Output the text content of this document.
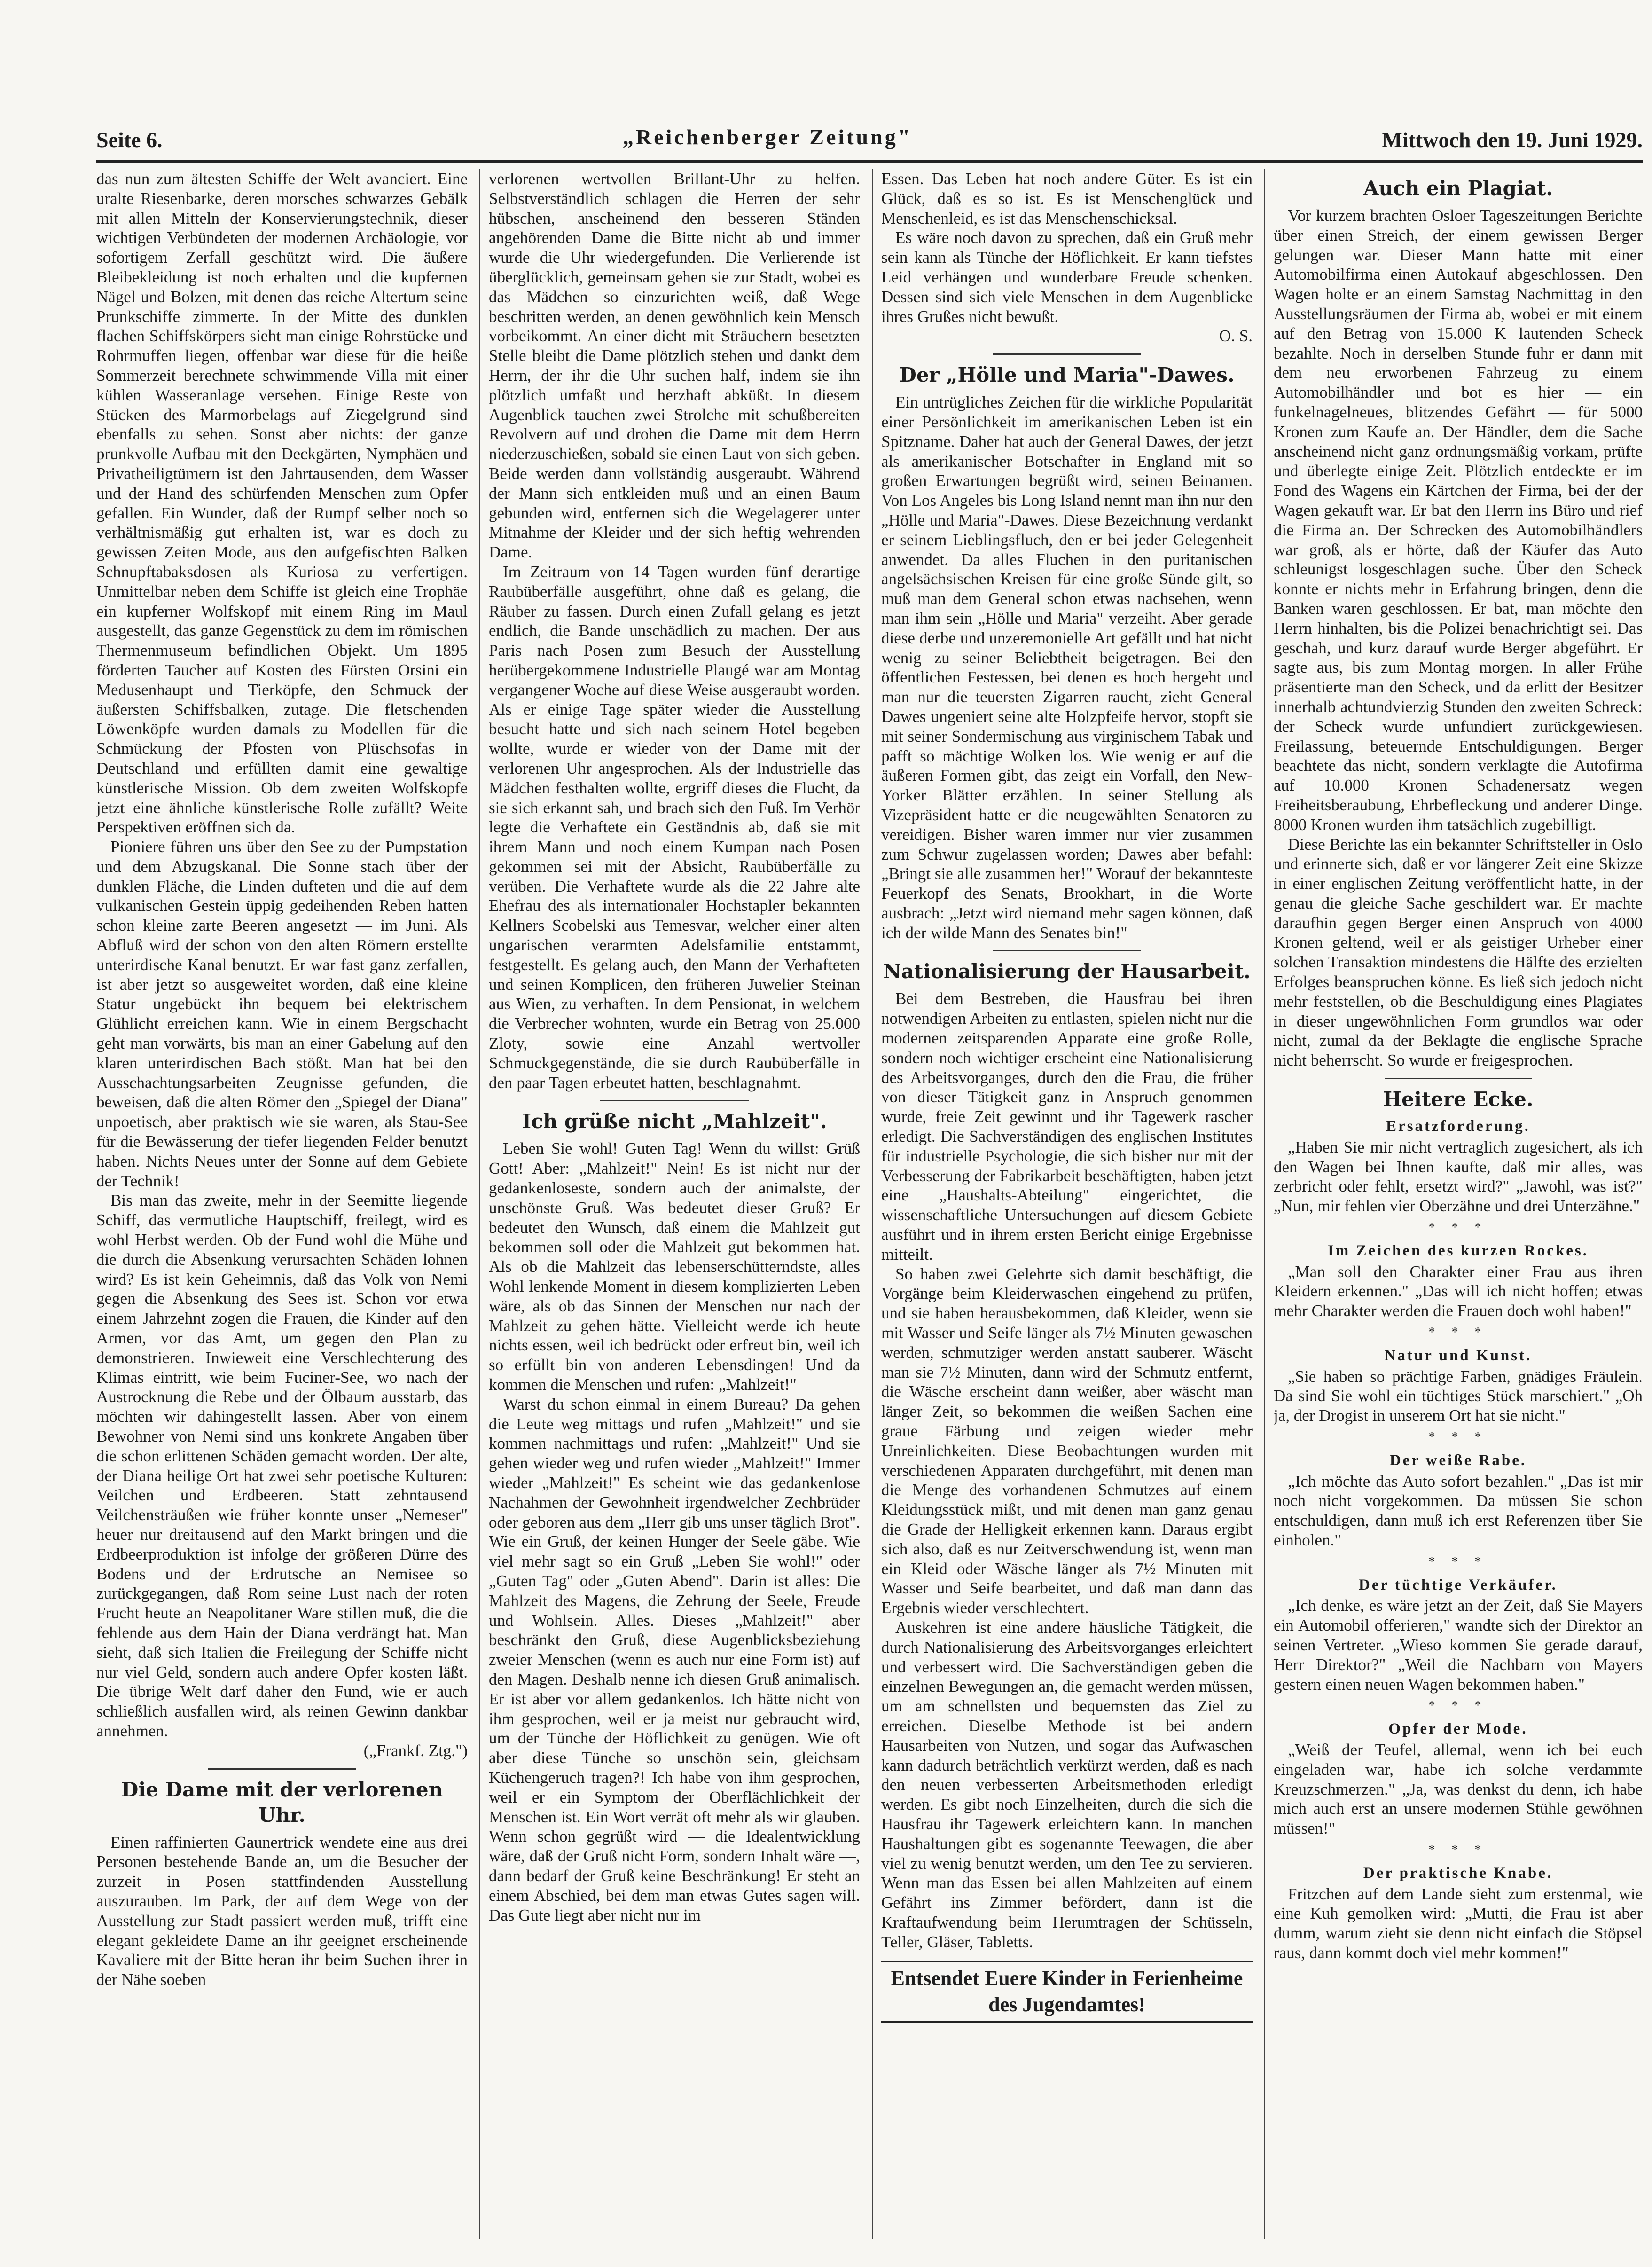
Seite 6.	„Reichenberger Zeitung"	Mittwoch den 19. Juni 1929.

das nun zum ältesten Schiffe der Welt avanciert. Eine uralte Riesenbarke, deren morsches schwarzes Gebälk mit allen Mitteln der Konservierungstechnik, dieser wichtigen Verbündeten der modernen Archäologie, vor sofortigem Zerfall geschützt wird. Die äußere Bleibekleidung ist noch erhalten und die kupfernen Nägel und Bolzen, mit denen das reiche Altertum seine Prunkschiffe zimmerte. In der Mitte des dunklen flachen Schiffskörpers sieht man einige Rohrstücke und Rohrmuffen liegen, offenbar war diese für die heiße Sommerzeit berechnete schwimmende Villa mit einer kühlen Wasseranlage versehen. Einige Reste von Stücken des Marmorbelags auf Ziegelgrund sind ebenfalls zu sehen. Sonst aber nichts: der ganze prunkvolle Aufbau mit den Deckgärten, Nymphäen und Privatheiligtümern ist den Jahrtausenden, dem Wasser und der Hand des schürfenden Menschen zum Opfer gefallen. Ein Wunder, daß der Rumpf selber noch so verhältnismäßig gut erhalten ist, war es doch zu gewissen Zeiten Mode, aus den aufgefischten Balken Schnupftabaksdosen als Kuriosa zu verfertigen. Unmittelbar neben dem Schiffe ist gleich eine Trophäe ein kupferner Wolfskopf mit einem Ring im Maul ausgestellt, das ganze Gegenstück zu dem im römischen Thermenmuseum befindlichen Objekt. Um 1895 förderten Taucher auf Kosten des Fürsten Orsini ein Medusenhaupt und Tierköpfe, den Schmuck der äußersten Schiffsbalken, zutage. Die fletschenden Löwenköpfe wurden damals zu Modellen für die Schmückung der Pfosten von Plüschsofas in Deutschland und erfüllten damit eine gewaltige künstlerische Mission. Ob dem zweiten Wolfskopfe jetzt eine ähnliche künstlerische Rolle zufällt? Weite Perspektiven eröffnen sich da.

Pioniere führen uns über den See zu der Pumpstation und dem Abzugskanal. Die Sonne stach über der dunklen Fläche, die Linden dufteten und die auf dem vulkanischen Gestein üppig gedeihenden Reben hatten schon kleine zarte Beeren angesetzt — im Juni. Als Abfluß wird der schon von den alten Römern erstellte unterirdische Kanal benutzt. Er war fast ganz zerfallen, ist aber jetzt so ausgeweitet worden, daß eine kleine Statur ungebückt ihn bequem bei elektrischem Glühlicht erreichen kann. Wie in einem Bergschacht geht man vorwärts, bis man an einer Gabelung auf den klaren unterirdischen Bach stößt. Man hat bei den Ausschachtungsarbeiten Zeugnisse gefunden, die beweisen, daß die alten Römer den „Spiegel der Diana" unpoetisch, aber praktisch wie sie waren, als Stau-See für die Bewässerung der tiefer liegenden Felder benutzt haben. Nichts Neues unter der Sonne auf dem Gebiete der Technik!

Bis man das zweite, mehr in der Seemitte liegende Schiff, das vermutliche Hauptschiff, freilegt, wird es wohl Herbst werden. Ob der Fund wohl die Mühe und die durch die Absenkung verursachten Schäden lohnen wird? Es ist kein Geheimnis, daß das Volk von Nemi gegen die Absenkung des Sees ist. Schon vor etwa einem Jahrzehnt zogen die Frauen, die Kinder auf den Armen, vor das Amt, um gegen den Plan zu demonstrieren. Inwieweit eine Verschlechterung des Klimas eintritt, wie beim Fuciner-See, wo nach der Austrocknung die Rebe und der Ölbaum ausstarb, das möchten wir dahingestellt lassen. Aber von einem Bewohner von Nemi sind uns konkrete Angaben über die schon erlittenen Schäden gemacht worden. Der alte, der Diana heilige Ort hat zwei sehr poetische Kulturen: Veilchen und Erdbeeren. Statt zehntausend Veilchensträußen wie früher konnte unser „Nemeser" heuer nur dreitausend auf den Markt bringen und die Erdbeerproduktion ist infolge der größeren Dürre des Bodens und der Erdrutsche an Nemisee so zurückgegangen, daß Rom seine Lust nach der roten Frucht heute an Neapolitaner Ware stillen muß, die die fehlende aus dem Hain der Diana verdrängt hat. Man sieht, daß sich Italien die Freilegung der Schiffe nicht nur viel Geld, sondern auch andere Opfer kosten läßt. Die übrige Welt darf daher den Fund, wie er auch schließlich ausfallen wird, als reinen Gewinn dankbar annehmen.

(„Frankf. Ztg.")

Die Dame mit der verlorenen Uhr.

Einen raffinierten Gaunertrick wendete eine aus drei Personen bestehende Bande an, um die Besucher der zurzeit in Posen stattfindenden Ausstellung auszurauben. Im Park, der auf dem Wege von der Ausstellung zur Stadt passiert werden muß, trifft eine elegant gekleidete Dame an ihr geeignet erscheinende Kavaliere mit der Bitte heran ihr beim Suchen ihrer in der Nähe soeben

verlorenen wertvollen Brillant-Uhr zu helfen. Selbstverständlich schlagen die Herren der sehr hübschen, anscheinend den besseren Ständen angehörenden Dame die Bitte nicht ab und immer wurde die Uhr wiedergefunden. Die Verlierende ist überglücklich, gemeinsam gehen sie zur Stadt, wobei es das Mädchen so einzurichten weiß, daß Wege beschritten werden, an denen gewöhnlich kein Mensch vorbeikommt. An einer dicht mit Sträuchern besetzten Stelle bleibt die Dame plötzlich stehen und dankt dem Herrn, der ihr die Uhr suchen half, indem sie ihn plötzlich umfaßt und herzhaft abküßt. In diesem Augenblick tauchen zwei Strolche mit schußbereiten Revolvern auf und drohen die Dame mit dem Herrn niederzuschießen, sobald sie einen Laut von sich geben. Beide werden dann vollständig ausgeraubt. Während der Mann sich entkleiden muß und an einen Baum gebunden wird, entfernen sich die Wegelagerer unter Mitnahme der Kleider und der sich heftig wehrenden Dame.

Im Zeitraum von 14 Tagen wurden fünf derartige Raubüberfälle ausgeführt, ohne daß es gelang, die Räuber zu fassen. Durch einen Zufall gelang es jetzt endlich, die Bande unschädlich zu machen. Der aus Paris nach Posen zum Besuch der Ausstellung herübergekommene Industrielle Plaugé war am Montag vergangener Woche auf diese Weise ausgeraubt worden. Als er einige Tage später wieder die Ausstellung besucht hatte und sich nach seinem Hotel begeben wollte, wurde er wieder von der Dame mit der verlorenen Uhr angesprochen. Als der Industrielle das Mädchen festhalten wollte, ergriff dieses die Flucht, da sie sich erkannt sah, und brach sich den Fuß. Im Verhör legte die Verhaftete ein Geständnis ab, daß sie mit ihrem Mann und noch einem Kumpan nach Posen gekommen sei mit der Absicht, Raubüberfälle zu verüben. Die Verhaftete wurde als die 22 Jahre alte Ehefrau des als internationaler Hochstapler bekannten Kellners Scobelski aus Temesvar, welcher einer alten ungarischen verarmten Adelsfamilie entstammt, festgestellt. Es gelang auch, den Mann der Verhafteten und seinen Komplicen, den früheren Juwelier Steinan aus Wien, zu verhaften. In dem Pensionat, in welchem die Verbrecher wohnten, wurde ein Betrag von 25.000 Zloty, sowie eine Anzahl wertvoller Schmuckgegenstände, die sie durch Raubüberfälle in den paar Tagen erbeutet hatten, beschlagnahmt.

Ich grüße nicht „Mahlzeit".

Leben Sie wohl! Guten Tag! Wenn du willst: Grüß Gott! Aber: „Mahlzeit!" Nein! Es ist nicht nur der gedankenloseste, sondern auch der animalste, der unschönste Gruß. Was bedeutet dieser Gruß? Er bedeutet den Wunsch, daß einem die Mahlzeit gut bekommen soll oder die Mahlzeit gut bekommen hat. Als ob die Mahlzeit das lebenserschütterndste, alles Wohl lenkende Moment in diesem komplizierten Leben wäre, als ob das Sinnen der Menschen nur nach der Mahlzeit zu gehen hätte. Vielleicht werde ich heute nichts essen, weil ich bedrückt oder erfreut bin, weil ich so erfüllt bin von anderen Lebensdingen! Und da kommen die Menschen und rufen: „Mahlzeit!"

Warst du schon einmal in einem Bureau? Da gehen die Leute weg mittags und rufen „Mahlzeit!" und sie kommen nachmittags und rufen: „Mahlzeit!" Und sie gehen wieder weg und rufen wieder „Mahlzeit!" Immer wieder „Mahlzeit!" Es scheint wie das gedankenlose Nachahmen der Gewohnheit irgendwelcher Zechbrüder oder geboren aus dem „Herr gib uns unser täglich Brot". Wie ein Gruß, der keinen Hunger der Seele gäbe. Wie viel mehr sagt so ein Gruß „Leben Sie wohl!" oder „Guten Tag" oder „Guten Abend". Darin ist alles: Die Mahlzeit des Magens, die Zehrung der Seele, Freude und Wohlsein. Alles. Dieses „Mahlzeit!" aber beschränkt den Gruß, diese Augenblicksbeziehung zweier Menschen (wenn es auch nur eine Form ist) auf den Magen. Deshalb nenne ich diesen Gruß animalisch. Er ist aber vor allem gedankenlos. Ich hätte nicht von ihm gesprochen, weil er ja meist nur gebraucht wird, um der Tünche der Höflichkeit zu genügen. Wie oft aber diese Tünche so unschön sein, gleichsam Küchengeruch tragen?! Ich habe von ihm gesprochen, weil er ein Symptom der Oberflächlichkeit der Menschen ist. Ein Wort verrät oft mehr als wir glauben. Wenn schon gegrüßt wird — die Idealentwicklung wäre, daß der Gruß nicht Form, sondern Inhalt wäre —, dann bedarf der Gruß keine Beschränkung! Er steht an einem Abschied, bei dem man etwas Gutes sagen will. Das Gute liegt aber nicht nur im

Essen. Das Leben hat noch andere Güter. Es ist ein Glück, daß es so ist. Es ist Menschenglück und Menschenleid, es ist das Menschenschicksal.

Es wäre noch davon zu sprechen, daß ein Gruß mehr sein kann als Tünche der Höflichkeit. Er kann tiefstes Leid verhängen und wunderbare Freude schenken. Dessen sind sich viele Menschen in dem Augenblicke ihres Grußes nicht bewußt.

O. S.

Der „Hölle und Maria"-Dawes.

Ein untrügliches Zeichen für die wirkliche Popularität einer Persönlichkeit im amerikanischen Leben ist ein Spitzname. Daher hat auch der General Dawes, der jetzt als amerikanischer Botschafter in England mit so großen Erwartungen begrüßt wird, seinen Beinamen. Von Los Angeles bis Long Island nennt man ihn nur den „Hölle und Maria"-Dawes. Diese Bezeichnung verdankt er seinem Lieblingsfluch, den er bei jeder Gelegenheit anwendet. Da alles Fluchen in den puritanischen angelsächsischen Kreisen für eine große Sünde gilt, so muß man dem General schon etwas nachsehen, wenn man ihm sein „Hölle und Maria" verzeiht. Aber gerade diese derbe und unzeremonielle Art gefällt und hat nicht wenig zu seiner Beliebtheit beigetragen. Bei den öffentlichen Festessen, bei denen es hoch hergeht und man nur die teuersten Zigarren raucht, zieht General Dawes ungeniert seine alte Holzpfeife hervor, stopft sie mit seiner Sondermischung aus virginischem Tabak und pafft so mächtige Wolken los. Wie wenig er auf die äußeren Formen gibt, das zeigt ein Vorfall, den New-Yorker Blätter erzählen. In seiner Stellung als Vizepräsident hatte er die neugewählten Senatoren zu vereidigen. Bisher waren immer nur vier zusammen zum Schwur zugelassen worden; Dawes aber befahl: „Bringt sie alle zusammen her!" Worauf der bekannteste Feuerkopf des Senats, Brookhart, in die Worte ausbrach: „Jetzt wird niemand mehr sagen können, daß ich der wilde Mann des Senates bin!"

Nationalisierung der Hausarbeit.

Bei dem Bestreben, die Hausfrau bei ihren notwendigen Arbeiten zu entlasten, spielen nicht nur die modernen zeitsparenden Apparate eine große Rolle, sondern noch wichtiger erscheint eine Nationalisierung des Arbeitsvorganges, durch den die Frau, die früher von dieser Tätigkeit ganz in Anspruch genommen wurde, freie Zeit gewinnt und ihr Tagewerk rascher erledigt. Die Sachverständigen des englischen Institutes für industrielle Psychologie, die sich bisher nur mit der Verbesserung der Fabrikarbeit beschäftigten, haben jetzt eine „Haushalts-Abteilung" eingerichtet, die wissenschaftliche Untersuchungen auf diesem Gebiete ausführt und in ihrem ersten Bericht einige Ergebnisse mitteilt.

So haben zwei Gelehrte sich damit beschäftigt, die Vorgänge beim Kleiderwaschen eingehend zu prüfen, und sie haben herausbekommen, daß Kleider, wenn sie mit Wasser und Seife länger als 7½ Minuten gewaschen werden, schmutziger werden anstatt sauberer. Wäscht man sie 7½ Minuten, dann wird der Schmutz entfernt, die Wäsche erscheint dann weißer, aber wäscht man länger Zeit, so bekommen die weißen Sachen eine graue Färbung und zeigen wieder mehr Unreinlichkeiten. Diese Beobachtungen wurden mit verschiedenen Apparaten durchgeführt, mit denen man die Menge des vorhandenen Schmutzes auf einem Kleidungsstück mißt, und mit denen man ganz genau die Grade der Helligkeit erkennen kann. Daraus ergibt sich also, daß es nur Zeitverschwendung ist, wenn man ein Kleid oder Wäsche länger als 7½ Minuten mit Wasser und Seife bearbeitet, und daß man dann das Ergebnis wieder verschlechtert.

Auskehren ist eine andere häusliche Tätigkeit, die durch Nationalisierung des Arbeitsvorganges erleichtert und verbessert wird. Die Sachverständigen geben die einzelnen Bewegungen an, die gemacht werden müssen, um am schnellsten und bequemsten das Ziel zu erreichen. Dieselbe Methode ist bei andern Hausarbeiten von Nutzen, und sogar das Aufwaschen kann dadurch beträchtlich verkürzt werden, daß es nach den neuen verbesserten Arbeitsmethoden erledigt werden. Es gibt noch Einzelheiten, durch die sich die Hausfrau ihr Tagewerk erleichtern kann. In manchen Haushaltungen gibt es sogenannte Teewagen, die aber viel zu wenig benutzt werden, um den Tee zu servieren. Wenn man das Essen bei allen Mahlzeiten auf einem Gefährt ins Zimmer befördert, dann ist die Kraftaufwendung beim Herumtragen der Schüsseln, Teller, Gläser, Tabletts.

Entsendet Euere Kinder in Ferienheime des Jugendamtes!
Auch ein Plagiat.

Vor kurzem brachten Osloer Tageszeitungen Berichte über einen Streich, der einem gewissen Berger gelungen war. Dieser Mann hatte mit einer Automobilfirma einen Autokauf abgeschlossen. Den Wagen holte er an einem Samstag Nachmittag in den Ausstellungsräumen der Firma ab, wobei er mit einem auf den Betrag von 15.000 K lautenden Scheck bezahlte. Noch in derselben Stunde fuhr er dann mit dem neu erworbenen Fahrzeug zu einem Automobilhändler und bot es hier — ein funkelnagelneues, blitzendes Gefährt — für 5000 Kronen zum Kaufe an. Der Händler, dem die Sache anscheinend nicht ganz ordnungsmäßig vorkam, prüfte und überlegte einige Zeit. Plötzlich entdeckte er im Fond des Wagens ein Kärtchen der Firma, bei der der Wagen gekauft war. Er bat den Herrn ins Büro und rief die Firma an. Der Schrecken des Automobilhändlers war groß, als er hörte, daß der Käufer das Auto schleunigst losgeschlagen suche. Über den Scheck konnte er nichts mehr in Erfahrung bringen, denn die Banken waren geschlossen. Er bat, man möchte den Herrn hinhalten, bis die Polizei benachrichtigt sei. Das geschah, und kurz darauf wurde Berger abgeführt. Er sagte aus, bis zum Montag morgen. In aller Frühe präsentierte man den Scheck, und da erlitt der Besitzer innerhalb achtundvierzig Stunden den zweiten Schreck: der Scheck wurde unfundiert zurückgewiesen. Freilassung, beteuernde Entschuldigungen. Berger beachtete das nicht, sondern verklagte die Autofirma auf 10.000 Kronen Schadenersatz wegen Freiheitsberaubung, Ehrbefleckung und anderer Dinge. 8000 Kronen wurden ihm tatsächlich zugebilligt.

Diese Berichte las ein bekannter Schriftsteller in Oslo und erinnerte sich, daß er vor längerer Zeit eine Skizze in einer englischen Zeitung veröffentlicht hatte, in der genau die gleiche Sache geschildert war. Er machte daraufhin gegen Berger einen Anspruch von 4000 Kronen geltend, weil er als geistiger Urheber einer solchen Transaktion mindestens die Hälfte des erzielten Erfolges beanspruchen könne. Es ließ sich jedoch nicht mehr feststellen, ob die Beschuldigung eines Plagiates in dieser ungewöhnlichen Form grundlos war oder nicht, zumal da der Beklagte die englische Sprache nicht beherrscht. So wurde er freigesprochen.

Heitere Ecke.
Ersatzforderung.

„Haben Sie mir nicht vertraglich zugesichert, als ich den Wagen bei Ihnen kaufte, daß mir alles, was zerbricht oder fehlt, ersetzt wird?" „Jawohl, was ist?" „Nun, mir fehlen vier Oberzähne und drei Unterzähne."

* * *
Im Zeichen des kurzen Rockes.

„Man soll den Charakter einer Frau aus ihren Kleidern erkennen." „Das will ich nicht hoffen; etwas mehr Charakter werden die Frauen doch wohl haben!"

* * *
Natur und Kunst.

„Sie haben so prächtige Farben, gnädiges Fräulein. Da sind Sie wohl ein tüchtiges Stück marschiert." „Oh ja, der Drogist in unserem Ort hat sie nicht."

* * *
Der weiße Rabe.

„Ich möchte das Auto sofort bezahlen." „Das ist mir noch nicht vorgekommen. Da müssen Sie schon entschuldigen, dann muß ich erst Referenzen über Sie einholen."

* * *
Der tüchtige Verkäufer.

„Ich denke, es wäre jetzt an der Zeit, daß Sie Mayers ein Automobil offerieren," wandte sich der Direktor an seinen Vertreter. „Wieso kommen Sie gerade darauf, Herr Direktor?" „Weil die Nachbarn von Mayers gestern einen neuen Wagen bekommen haben."

* * *
Opfer der Mode.

„Weiß der Teufel, allemal, wenn ich bei euch eingeladen war, habe ich solche verdammte Kreuzschmerzen." „Ja, was denkst du denn, ich habe mich auch erst an unsere modernen Stühle gewöhnen müssen!"

* * *
Der praktische Knabe.

Fritzchen auf dem Lande sieht zum erstenmal, wie eine Kuh gemolken wird: „Mutti, die Frau ist aber dumm, warum zieht sie denn nicht einfach die Stöpsel raus, dann kommt doch viel mehr kommen!"
